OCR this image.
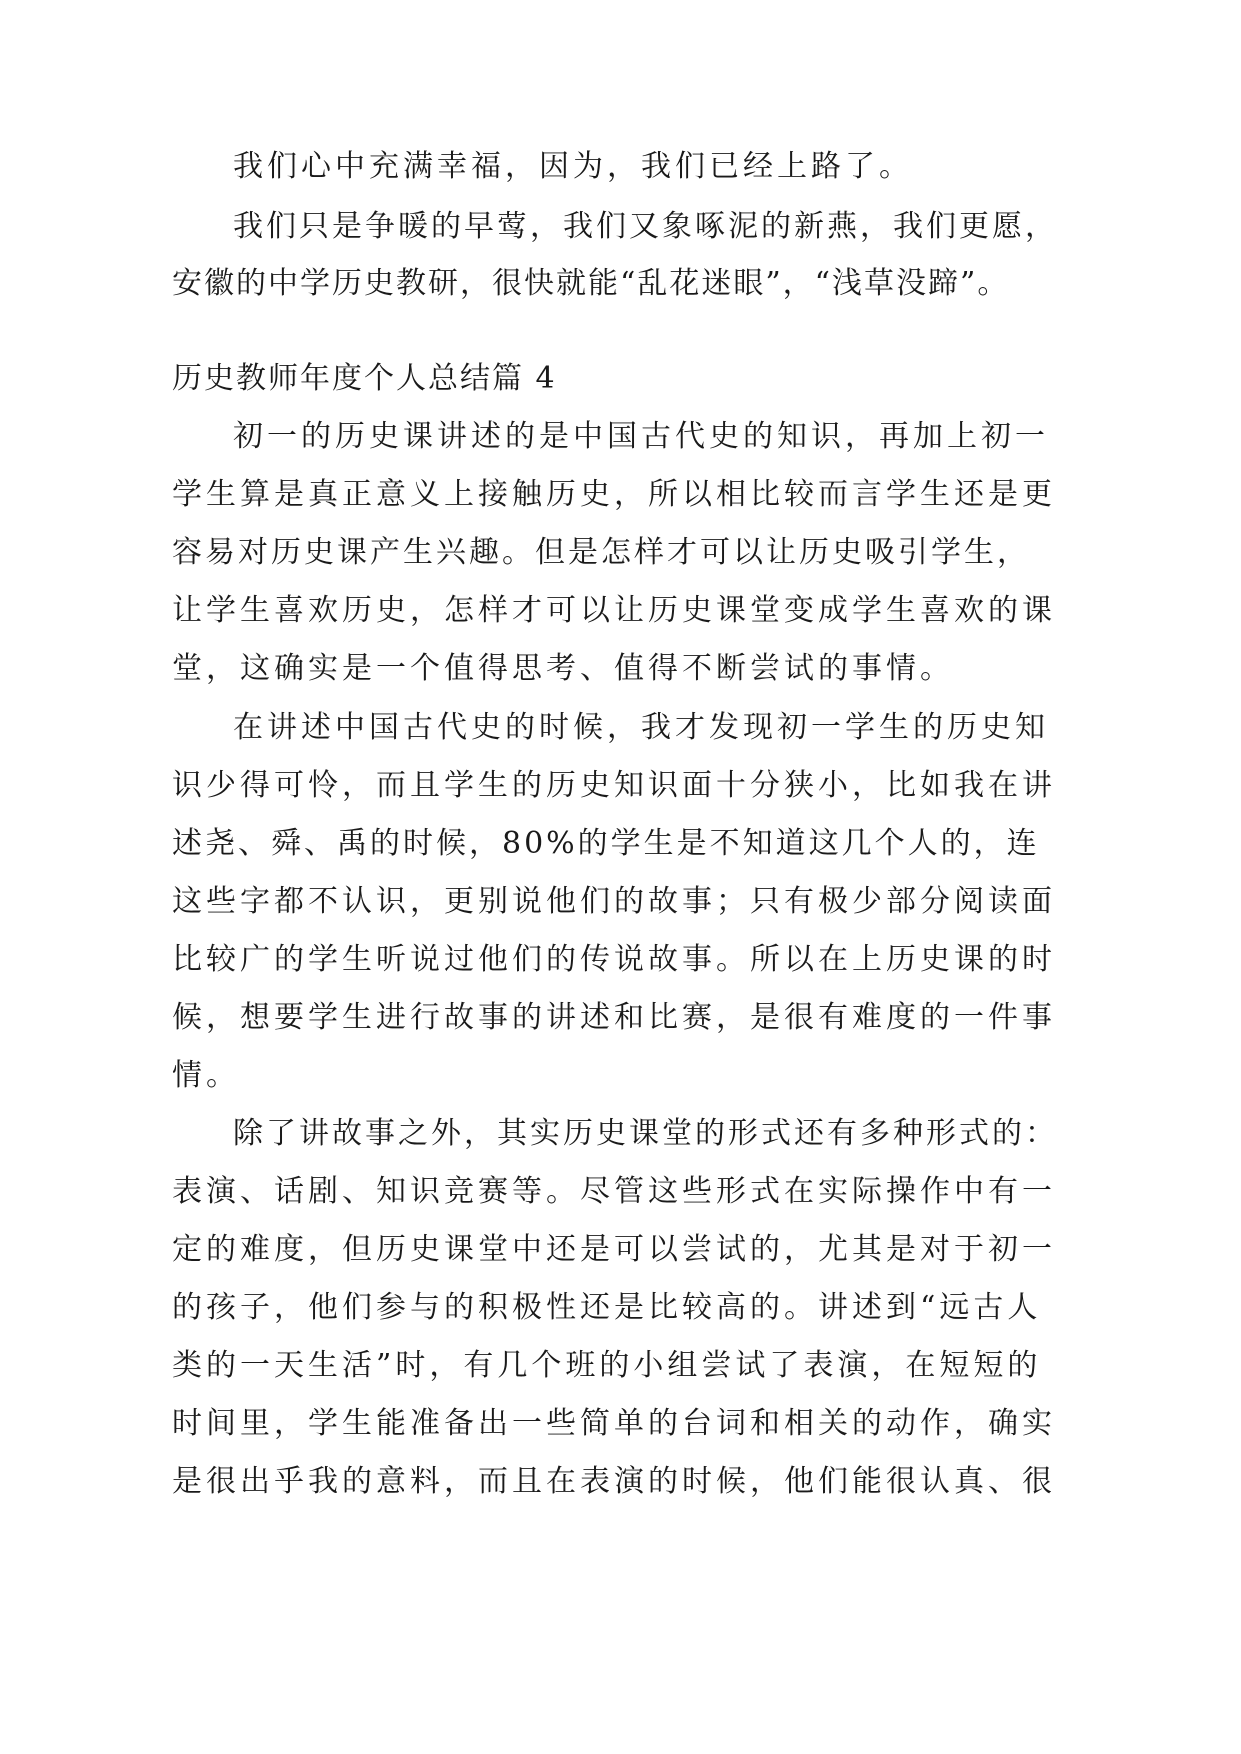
我们心中充满幸福，因为，我们已经上路了。
我们只是争暖的早莺，我们又象啄泥的新燕，我们更愿，
安徽的中学历史教研，很快就能“乱花迷眼”，“浅草没蹄”。
历史教师年度个人总结篇 4
初一的历史课讲述的是中国古代史的知识，再加上初一
学生算是真正意义上接触历史，所以相比较而言学生还是更
容易对历史课产生兴趣。但是怎样才可以让历史吸引学生，
让学生喜欢历史，怎样才可以让历史课堂变成学生喜欢的课
堂，这确实是一个值得思考、值得不断尝试的事情。
在讲述中国古代史的时候，我才发现初一学生的历史知
识少得可怜，而且学生的历史知识面十分狭小，比如我在讲
述尧、舜、禹的时候，80%的学生是不知道这几个人的，连
这些字都不认识，更别说他们的故事；只有极少部分阅读面
比较广的学生听说过他们的传说故事。所以在上历史课的时
候，想要学生进行故事的讲述和比赛，是很有难度的一件事
情。
除了讲故事之外，其实历史课堂的形式还有多种形式的：
表演、话剧、知识竞赛等。尽管这些形式在实际操作中有一
定的难度，但历史课堂中还是可以尝试的，尤其是对于初一
的孩子，他们参与的积极性还是比较高的。讲述到“远古人
类的一天生活”时，有几个班的小组尝试了表演，在短短的
时间里，学生能准备出一些简单的台词和相关的动作，确实
是很出乎我的意料，而且在表演的时候，他们能很认真、很
